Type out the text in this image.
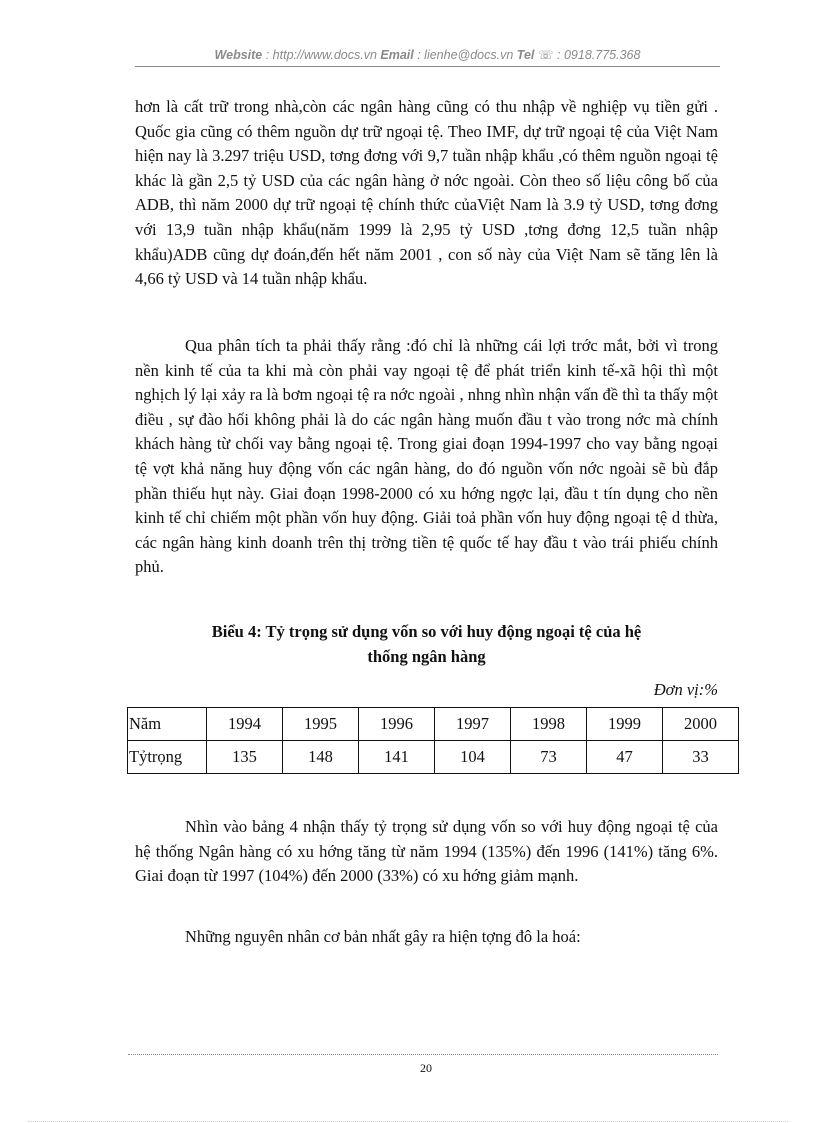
Website : http://www.docs.vn Email : lienhe@docs.vn Tel ☏ : 0918.775.368
hơn là cất trữ trong nhà,còn các ngân hàng cũng có thu nhập về nghiệp vụ tiền gửi . Quốc gia cũng có thêm nguồn dự trữ ngoại tệ. Theo IMF, dự trữ ngoại tệ của Việt Nam hiện nay là 3.297 triệu USD, tơng đơng với 9,7 tuần nhập khẩu ,có thêm nguồn ngoại tệ khác là gần 2,5 tỷ USD của các ngân hàng ở nớc ngoài. Còn theo số liệu công bố của ADB, thì năm 2000 dự trữ ngoại tệ chính thức củaViệt Nam là 3.9 tỷ USD, tơng đơng với 13,9 tuần nhập khẩu(năm 1999 là 2,95 tỷ USD ,tơng đơng 12,5 tuần nhập khẩu)ADB cũng dự đoán,đến hết năm 2001 , con số này của Việt Nam sẽ tăng lên là 4,66 tỷ USD và 14 tuần nhập khẩu.
Qua phân tích ta phải thấy rằng :đó chỉ là những cái lợi trớc mắt, bởi vì trong nền kinh tế của ta khi mà còn phải vay ngoại tệ để phát triển kinh tế-xã hội thì một nghịch lý lại xảy ra là bơm ngoại tệ ra nớc ngoài , nhng nhìn nhận vấn đề thì ta thấy một điều , sự đào hối không phải là do các ngân hàng muốn đầu t vào trong nớc mà chính khách hàng từ chối vay bằng ngoại tệ. Trong giai đoạn 1994-1997 cho vay bằng ngoại tệ vợt khả năng huy động vốn các ngân hàng, do đó nguồn vốn nớc ngoài sẽ bù đắp phần thiếu hụt này. Giai đoạn 1998-2000 có xu hớng ngợc lại, đầu t tín dụng cho nền kinh tế chỉ chiếm một phần vốn huy động. Giải toả phần vốn huy động ngoại tệ d thừa, các ngân hàng kinh doanh trên thị trờng tiền tệ quốc tế hay đầu t vào trái phiếu chính phủ.
Biểu 4: Tỷ trọng sử dụng vốn so với huy động ngoại tệ của hệ
thống ngân hàng
Đơn vị:%
Năm	1994	1995	1996	1997	1998	1999	2000
Tỷtrọng	135	148	141	104	73	47	33
Nhìn vào bảng 4 nhận thấy tỷ trọng sử dụng vốn so với huy động ngoại tệ của hệ thống Ngân hàng có xu hớng tăng từ năm 1994 (135%) đến 1996 (141%) tăng 6%. Giai đoạn từ 1997 (104%) đến 2000 (33%) có xu hớng giảm mạnh.
Những nguyên nhân cơ bản nhất gây ra hiện tợng đô la hoá:
20
